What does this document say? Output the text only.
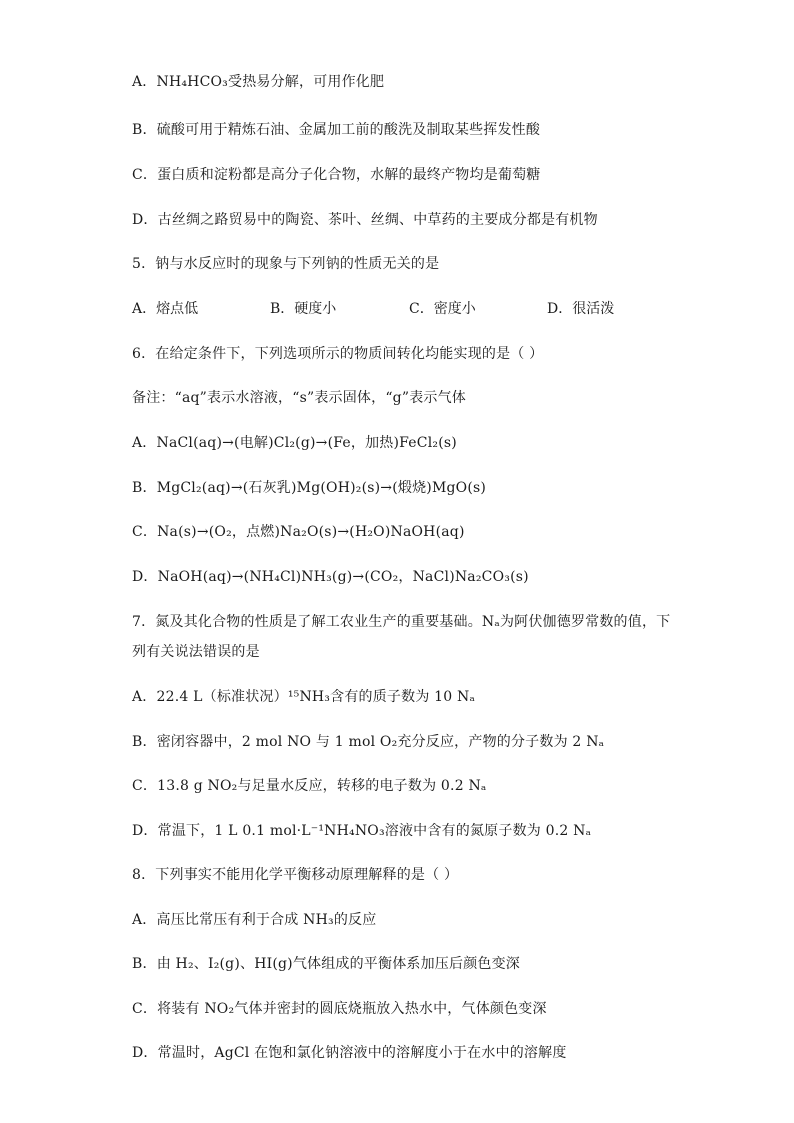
A．NH₄HCO₃受热易分解，可用作化肥
B．硫酸可用于精炼石油、金属加工前的酸洗及制取某些挥发性酸
C．蛋白质和淀粉都是高分子化合物，水解的最终产物均是葡萄糖
D．古丝绸之路贸易中的陶瓷、茶叶、丝绸、中草药的主要成分都是有机物
5．钠与水反应时的现象与下列钠的性质无关的是
A．熔点低	B．硬度小	C．密度小	D．很活泼
6．在给定条件下，下列选项所示的物质间转化均能实现的是（ ）
备注：“aq”表示水溶液，“s”表示固体，“g”表示气体
A．NaCl(aq)→(电解)Cl₂(g)→(Fe，加热)FeCl₂(s)
B．MgCl₂(aq)→(石灰乳)Mg(OH)₂(s)→(煅烧)MgO(s)
C．Na(s)→(O₂，点燃)Na₂O(s)→(H₂O)NaOH(aq)
D．NaOH(aq)→(NH₄Cl)NH₃(g)→(CO₂，NaCl)Na₂CO₃(s)
7．氮及其化合物的性质是了解工农业生产的重要基础。Nₐ为阿伏伽德罗常数的值，下
列有关说法错误的是
A．22.4 L（标准状况）¹⁵NH₃含有的质子数为 10 Nₐ
B．密闭容器中，2 mol NO 与 1 mol O₂充分反应，产物的分子数为 2 Nₐ
C．13.8 g NO₂与足量水反应，转移的电子数为 0.2 Nₐ
D．常温下，1 L 0.1 mol·L⁻¹NH₄NO₃溶液中含有的氮原子数为 0.2 Nₐ
8．下列事实不能用化学平衡移动原理解释的是（ ）
A．高压比常压有利于合成 NH₃的反应
B．由 H₂、I₂(g)、HI(g)气体组成的平衡体系加压后颜色变深
C．将装有 NO₂气体并密封的圆底烧瓶放入热水中，气体颜色变深
D．常温时，AgCl 在饱和氯化钠溶液中的溶解度小于在水中的溶解度
